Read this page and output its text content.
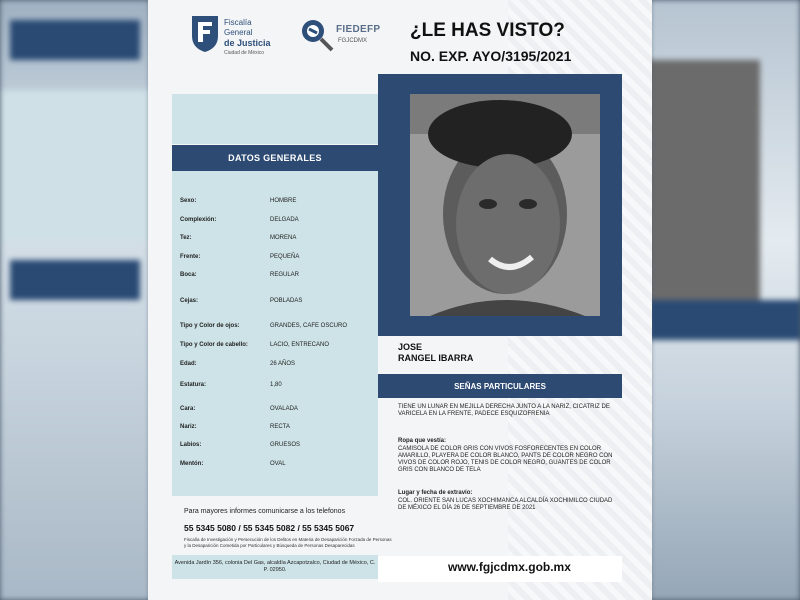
Fiscalía
General
de Justicia
Ciudad de México
FIEDEFP
FGJCDMX ¿LE HAS VISTO?
NO. EXP. AYO/3195/2021
DATOS GENERALES
Sexo:	HOMBRE
Complexión:	DELGADA
Tez:	MORENA
Frente:	PEQUEÑA
Boca:	REGULAR
Cejas:	POBLADAS
Tipo y Color de ojos:	GRANDES, CAFE OSCURO
Tipo y Color de cabello:	LACIO, ENTRECANO
Edad:	26 AÑOS
Estatura:	1,80
Cara:	OVALADA
Nariz:	RECTA
Labios:	GRUESOS
Mentón:	OVAL
Para mayores informes comunicarse a los telefonos
55 5345 5080 / 55 5345 5082 / 55 5345 5067
Fiscalía de Investigación y Persecución de los Delitos en Materia de Desaparición Forzada de Personas y la Desaparición Cometida por Particulares y Búsqueda de Personas Desaparecidas
Avenida Jardín 356, colonia Del Gas, alcaldía Azcapotzalco, Ciudad de México, C. P. 02950.
JOSE
RANGEL IBARRA
SEÑAS PARTICULARES
TIENE UN LUNAR EN MEJILLA DERECHA JUNTO A LA NARIZ, CICATRIZ DE VARICELA EN LA FRENTE, PADECE ESQUIZOFRENIA
Ropa que vestía:
CAMISOLA DE COLOR GRIS CON VIVOS FOSFORECENTES EN COLOR AMARILLO, PLAYERA DE COLOR BLANCO, PANTS DE COLOR NEGRO CON VIVOS DE COLOR ROJO, TENIS DE COLOR NEGRO, GUANTES DE COLOR GRIS CON BLANCO DE TELA
Lugar y fecha de extravío:
COL. ORIENTE SAN LUCAS XOCHIMANCA ALCALDÍA XOCHIMILCO CIUDAD DE MÉXICO EL DÍA 26 DE SEPTIEMBRE DE 2021
www.fgjcdmx.gob.mx
